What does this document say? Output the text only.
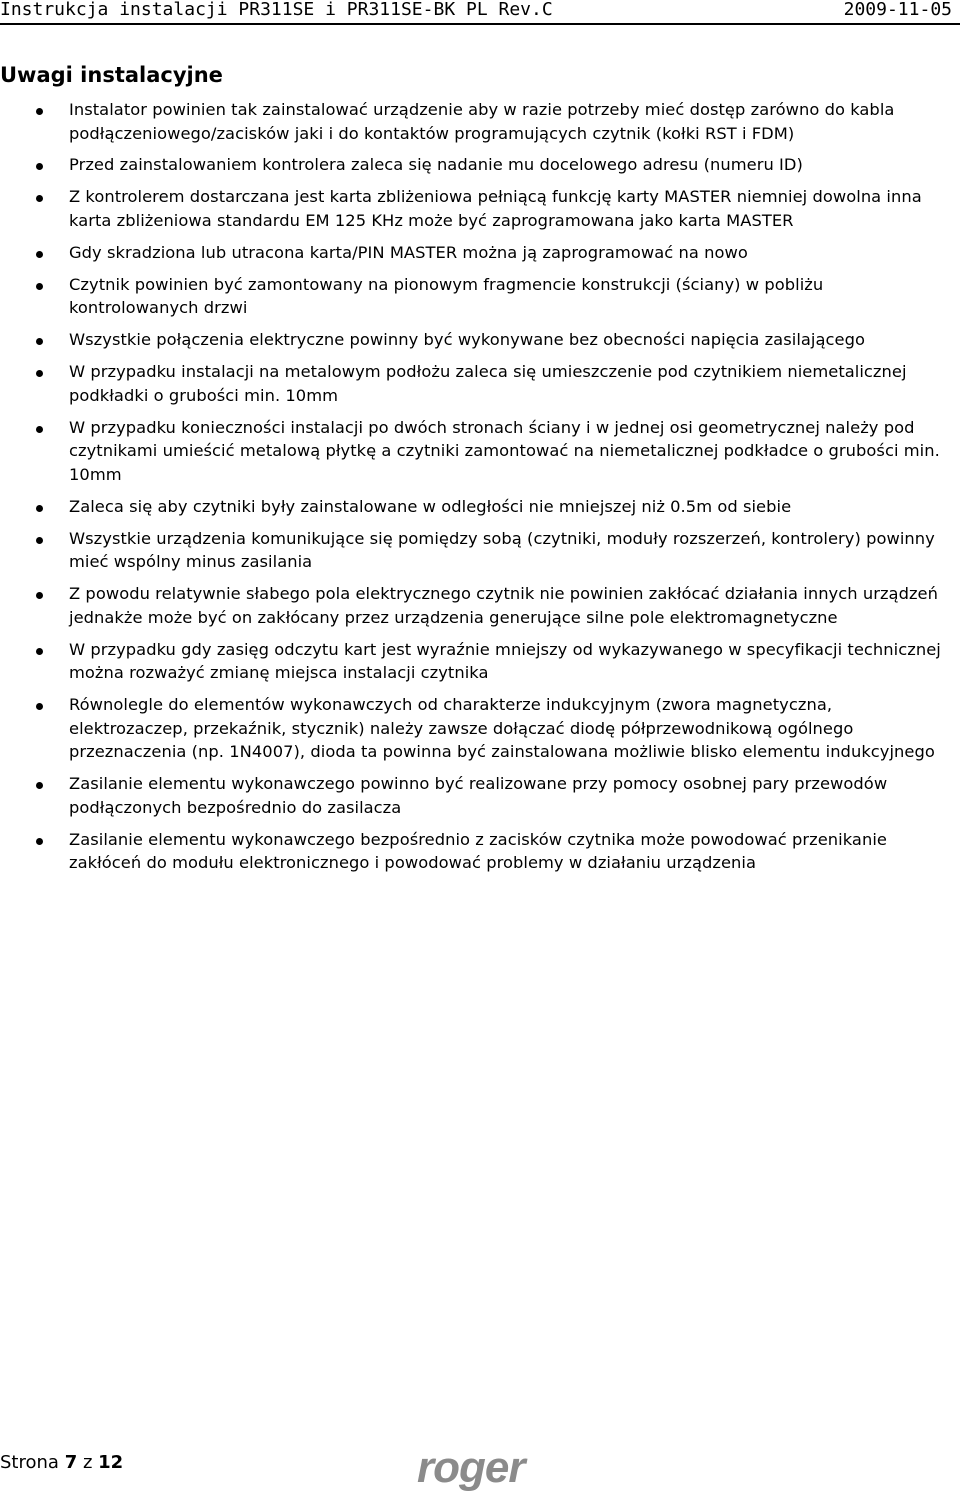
Instrukcja instalacji PR311SE i PR311SE-BK PL Rev.C	2009-11-05
Uwagi instalacyjne
Instalator powinien tak zainstalować urządzenie aby w razie potrzeby mieć dostęp zarówno do kabla podłączeniowego/zacisków jaki i do kontaktów programujących czytnik (kołki RST i FDM)
Przed zainstalowaniem kontrolera zaleca się nadanie mu docelowego adresu (numeru ID)
Z kontrolerem dostarczana jest karta zbliżeniowa pełniącą funkcję karty MASTER niemniej dowolna inna karta zbliżeniowa standardu EM 125 KHz może być zaprogramowana jako karta MASTER
Gdy skradziona lub utracona karta/PIN MASTER można ją zaprogramować na nowo
Czytnik powinien być zamontowany na pionowym fragmencie konstrukcji (ściany) w pobliżu kontrolowanych drzwi
Wszystkie połączenia elektryczne powinny być wykonywane bez obecności napięcia zasilającego
W przypadku instalacji na metalowym podłożu zaleca się umieszczenie pod czytnikiem niemetalicznej podkładki o grubości min. 10mm
W przypadku konieczności instalacji po dwóch stronach ściany i w jednej osi geometrycznej należy pod czytnikami umieścić metalową płytkę a czytniki zamontować na niemetalicznej podkładce o grubości min. 10mm
Zaleca się aby czytniki były zainstalowane w odległości nie mniejszej niż 0.5m od siebie
Wszystkie urządzenia komunikujące się pomiędzy sobą (czytniki, moduły rozszerzeń, kontrolery) powinny mieć wspólny minus zasilania
Z powodu relatywnie słabego pola elektrycznego czytnik nie powinien zakłócać działania innych urządzeń jednakże może być on zakłócany przez urządzenia generujące silne pole elektromagnetyczne
W przypadku gdy zasięg odczytu kart jest wyraźnie mniejszy od wykazywanego w specyfikacji technicznej można rozważyć zmianę miejsca instalacji czytnika
Równolegle do elementów wykonawczych od charakterze indukcyjnym (zwora magnetyczna, elektrozaczep, przekaźnik, stycznik) należy zawsze dołączać diodę półprzewodnikową ogólnego przeznaczenia (np. 1N4007), dioda ta powinna być zainstalowana możliwie blisko elementu indukcyjnego
Zasilanie elementu wykonawczego powinno być realizowane przy pomocy osobnej pary przewodów podłączonych bezpośrednio do zasilacza
Zasilanie elementu wykonawczego bezpośrednio z zacisków czytnika może powodować przenikanie zakłóceń do modułu elektronicznego i powodować problemy w działaniu urządzenia
Strona 7 z 12	roger
